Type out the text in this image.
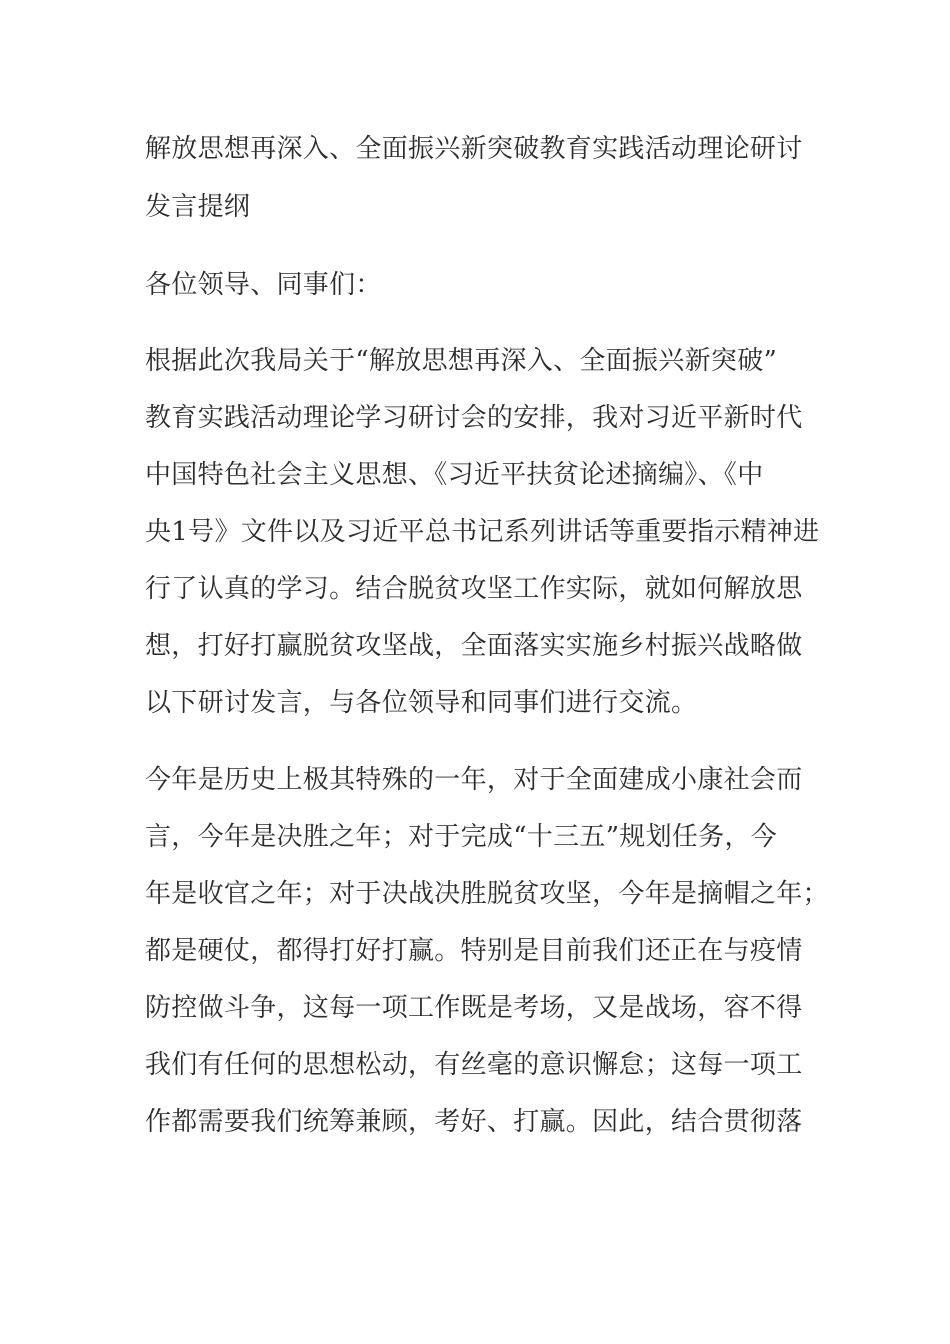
解放思想再深入、全面振兴新突破教育实践活动理论研讨
发言提纲
各位领导、同事们：
根据此次我局关于“解放思想再深入、全面振兴新突破”
教育实践活动理论学习研讨会的安排，我对习近平新时代
中国特色社会主义思想、《习近平扶贫论述摘编》、《中
央1号》文件以及习近平总书记系列讲话等重要指示精神进
行了认真的学习。结合脱贫攻坚工作实际，就如何解放思
想，打好打赢脱贫攻坚战，全面落实实施乡村振兴战略做
以下研讨发言，与各位领导和同事们进行交流。
今年是历史上极其特殊的一年，对于全面建成小康社会而
言，今年是决胜之年；对于完成“十三五”规划任务，今
年是收官之年；对于决战决胜脱贫攻坚，今年是摘帽之年；
都是硬仗，都得打好打赢。特别是目前我们还正在与疫情
防控做斗争，这每一项工作既是考场，又是战场，容不得
我们有任何的思想松动，有丝毫的意识懈怠；这每一项工
作都需要我们统筹兼顾，考好、打赢。因此，结合贯彻落
